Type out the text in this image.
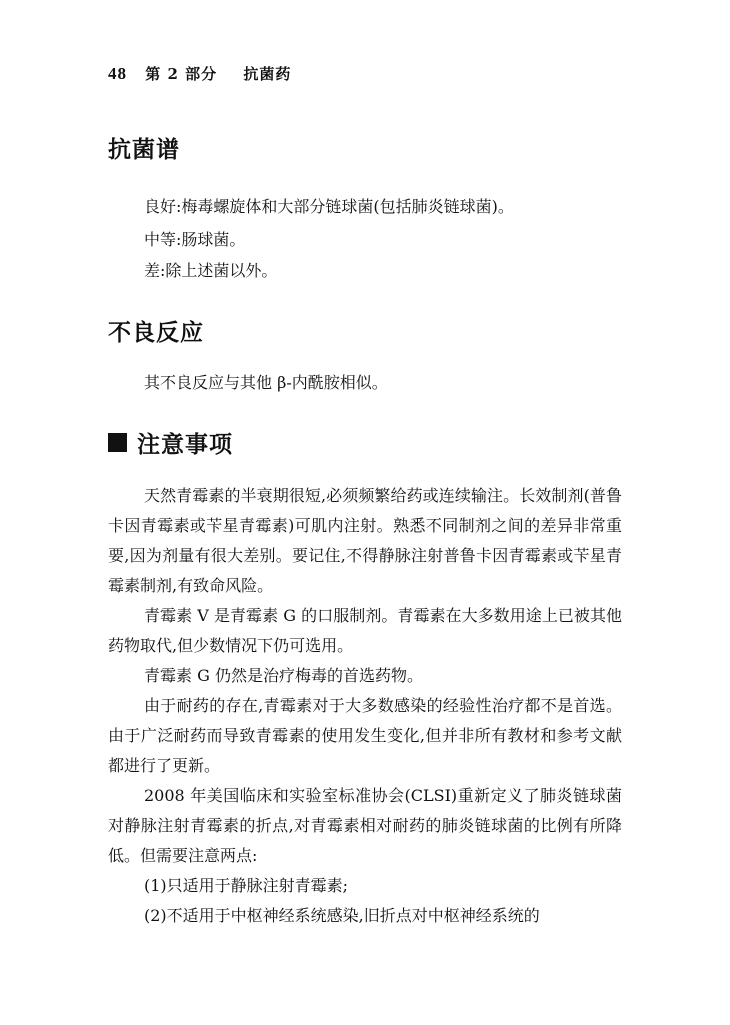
48 第 2 部分 抗菌药
抗菌谱
良好:梅毒螺旋体和大部分链球菌(包括肺炎链球菌)。
中等:肠球菌。
差:除上述菌以外。
不良反应
其不良反应与其他 β-内酰胺相似。
注意事项

天然青霉素的半衰期很短,必须频繁给药或连续输注。长效制剂(普鲁卡因青霉素或苄星青霉素)可肌内注射。熟悉不同制剂之间的差异非常重要,因为剂量有很大差别。要记住,不得静脉注射普鲁卡因青霉素或苄星青霉素制剂,有致命风险。

青霉素 V 是青霉素 G 的口服制剂。青霉素在大多数用途上已被其他药物取代,但少数情况下仍可选用。

青霉素 G 仍然是治疗梅毒的首选药物。

由于耐药的存在,青霉素对于大多数感染的经验性治疗都不是首选。由于广泛耐药而导致青霉素的使用发生变化,但并非所有教材和参考文献都进行了更新。

2008 年美国临床和实验室标准协会(CLSI)重新定义了肺炎链球菌对静脉注射青霉素的折点,对青霉素相对耐药的肺炎链球菌的比例有所降低。但需要注意两点:

(1)只适用于静脉注射青霉素;
(2)不适用于中枢神经系统感染,旧折点对中枢神经系统的
